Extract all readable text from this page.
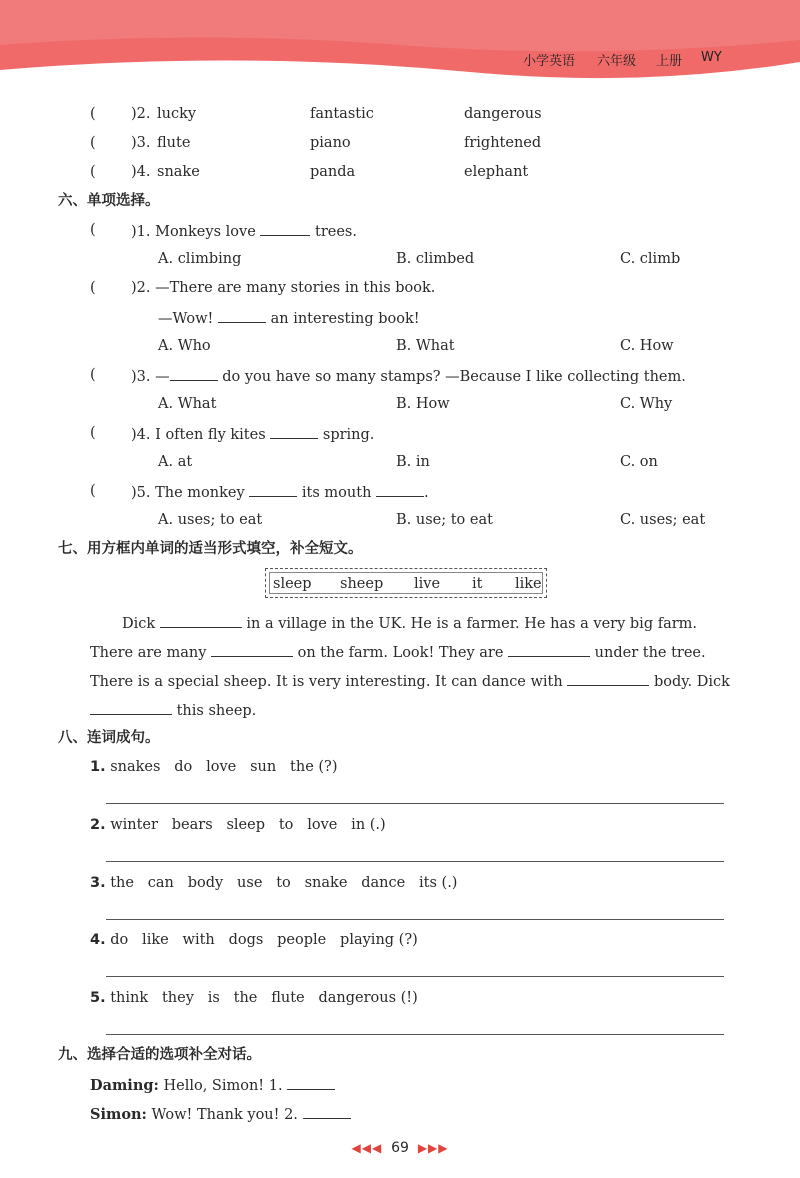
小学英语 六年级 上册 WY
( )2. lucky	fantastic	dangerous
( )3. flute	piano	frightened
( )4. snake	panda	elephant
六、单项选择。
( )1. Monkeys love	trees.
A. climbing	B. climbed	C. climb
( )2. —There are many stories in this book.
—Wow!	an interesting book!
A. Who	B. What	C. How
( )3. —	do you have so many stamps? —Because I like collecting them.
A. What	B. How	C. Why
( )4. I often fly kites	spring.
A. at	B. in	C. on
( )5. The monkey	its mouth	.
A. uses; to eat	B. use; to eat	C. uses; eat
七、用方框内单词的适当形式填空，补全短文。
sleep sheep live it like
Dick	in a village in the UK. He is a farmer. He has a very big farm.
There are many	on the farm. Look! They are	under the tree.
There is a special sheep. It is very interesting. It can dance with	body. Dick
this sheep.
八、连词成句。
1. snakes   do   love   sun   the (?)
2. winter   bears   sleep   to   love   in (.)
3. the   can   body   use   to   snake   dance   its (.)
4. do   like   with   dogs   people   playing (?)
5. think   they   is   the   flute   dangerous (!)
九、选择合适的选项补全对话。
Daming: Hello, Simon! 1.
Simon: Wow! Thank you! 2.
◀◀◀ 69 ▶▶▶
